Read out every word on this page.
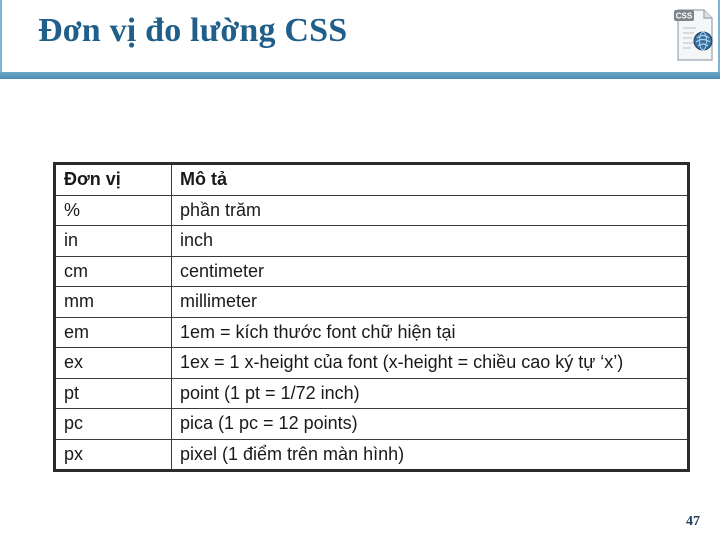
Đơn vị đo lường CSS	CSS
Đơn vị	Mô tả
%	phần trăm
in	inch
cm	centimeter
mm	millimeter
em	1em = kích thước font chữ hiện tại
ex	1ex = 1 x-height của font (x-height = chiều cao ký tự ‘x’)
pt	point (1 pt = 1/72 inch)
pc	pica (1 pc = 12 points)
px	pixel (1 điểm trên màn hình)
47
